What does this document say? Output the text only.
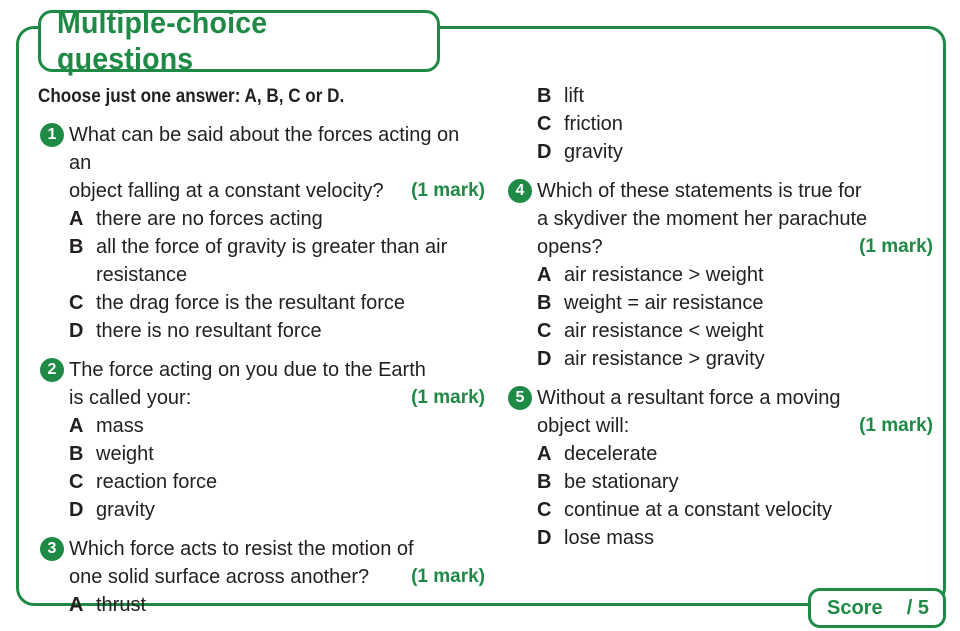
Multiple-choice questions
Choose just one answer: A, B, C or D.
1 What can be said about the forces acting on an
object falling at a constant velocity?	(1 mark)
A there are no forces acting
B all the force of gravity is greater than air
resistance
C the drag force is the resultant force
D there is no resultant force
2 The force acting on you due to the Earth
is called your:	(1 mark)
A mass
B weight
C reaction force
D gravity
3 Which force acts to resist the motion of
one solid surface across another?	(1 mark)
A thrust
B lift
C friction
D gravity
4 Which of these statements is true for
a skydiver the moment her parachute
opens?	(1 mark)
A air resistance > weight
B weight = air resistance
C air resistance < weight
D air resistance > gravity
5 Without a resultant force a moving
object will:	(1 mark)
A decelerate
B be stationary
C continue at a constant velocity
D lose mass
Score / 5
